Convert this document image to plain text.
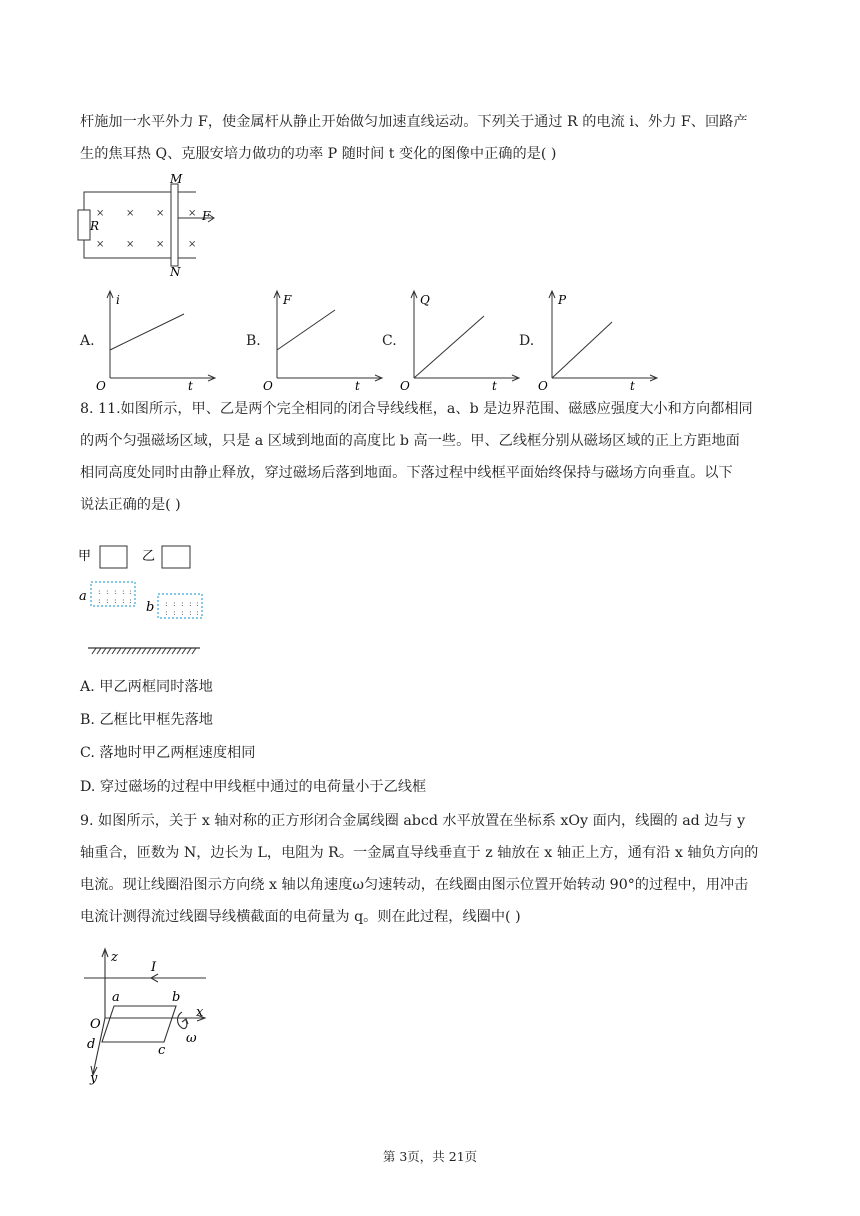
杆施加一水平外力 F，使金属杆从静止开始做匀加速直线运动。下列关于通过 R 的电流 i、外力 F、回路产
生的焦耳热 Q、克服安培力做功的功率 P 随时间 t 变化的图像中正确的是( )
× × × ×
× × × ×
M
N
F
R
A.
i
O	t
B.
F
O	t
C.
Q
O	t
D.
P
O	t
8. 11.如图所示，甲、乙是两个完全相同的闭合导线线框，a、b 是边界范围、磁感应强度大小和方向都相同
的两个匀强磁场区域，只是 a 区域到地面的高度比 b 高一些。甲、乙线框分别从磁场区域的正上方距地面
相同高度处同时由静止释放，穿过磁场后落到地面。下落过程中线框平面始终保持与磁场方向垂直。以下
说法正确的是( )
甲	乙
a : : : : :
: : : : : b : : : : :
: : : : :
A. 甲乙两框同时落地
B. 乙框比甲框先落地
C. 落地时甲乙两框速度相同
D. 穿过磁场的过程中甲线框中通过的电荷量小于乙线框
9. 如图所示，关于 x 轴对称的正方形闭合金属线圈 abcd 水平放置在坐标系 xOy 面内，线圈的 ad 边与 y
轴重合，匝数为 N，边长为 L，电阻为 R。一金属直导线垂直于 z 轴放在 x 轴正上方，通有沿 x 轴负方向的
电流。现让线圈沿图示方向绕 x 轴以角速度ω匀速转动，在线圈由图示位置开始转动 90°的过程中，用冲击
电流计测得流过线圈导线横截面的电荷量为 q。则在此过程，线圈中( )
z
I
a	b
O
x
d	c
ω
y
第 3页，共 21页
